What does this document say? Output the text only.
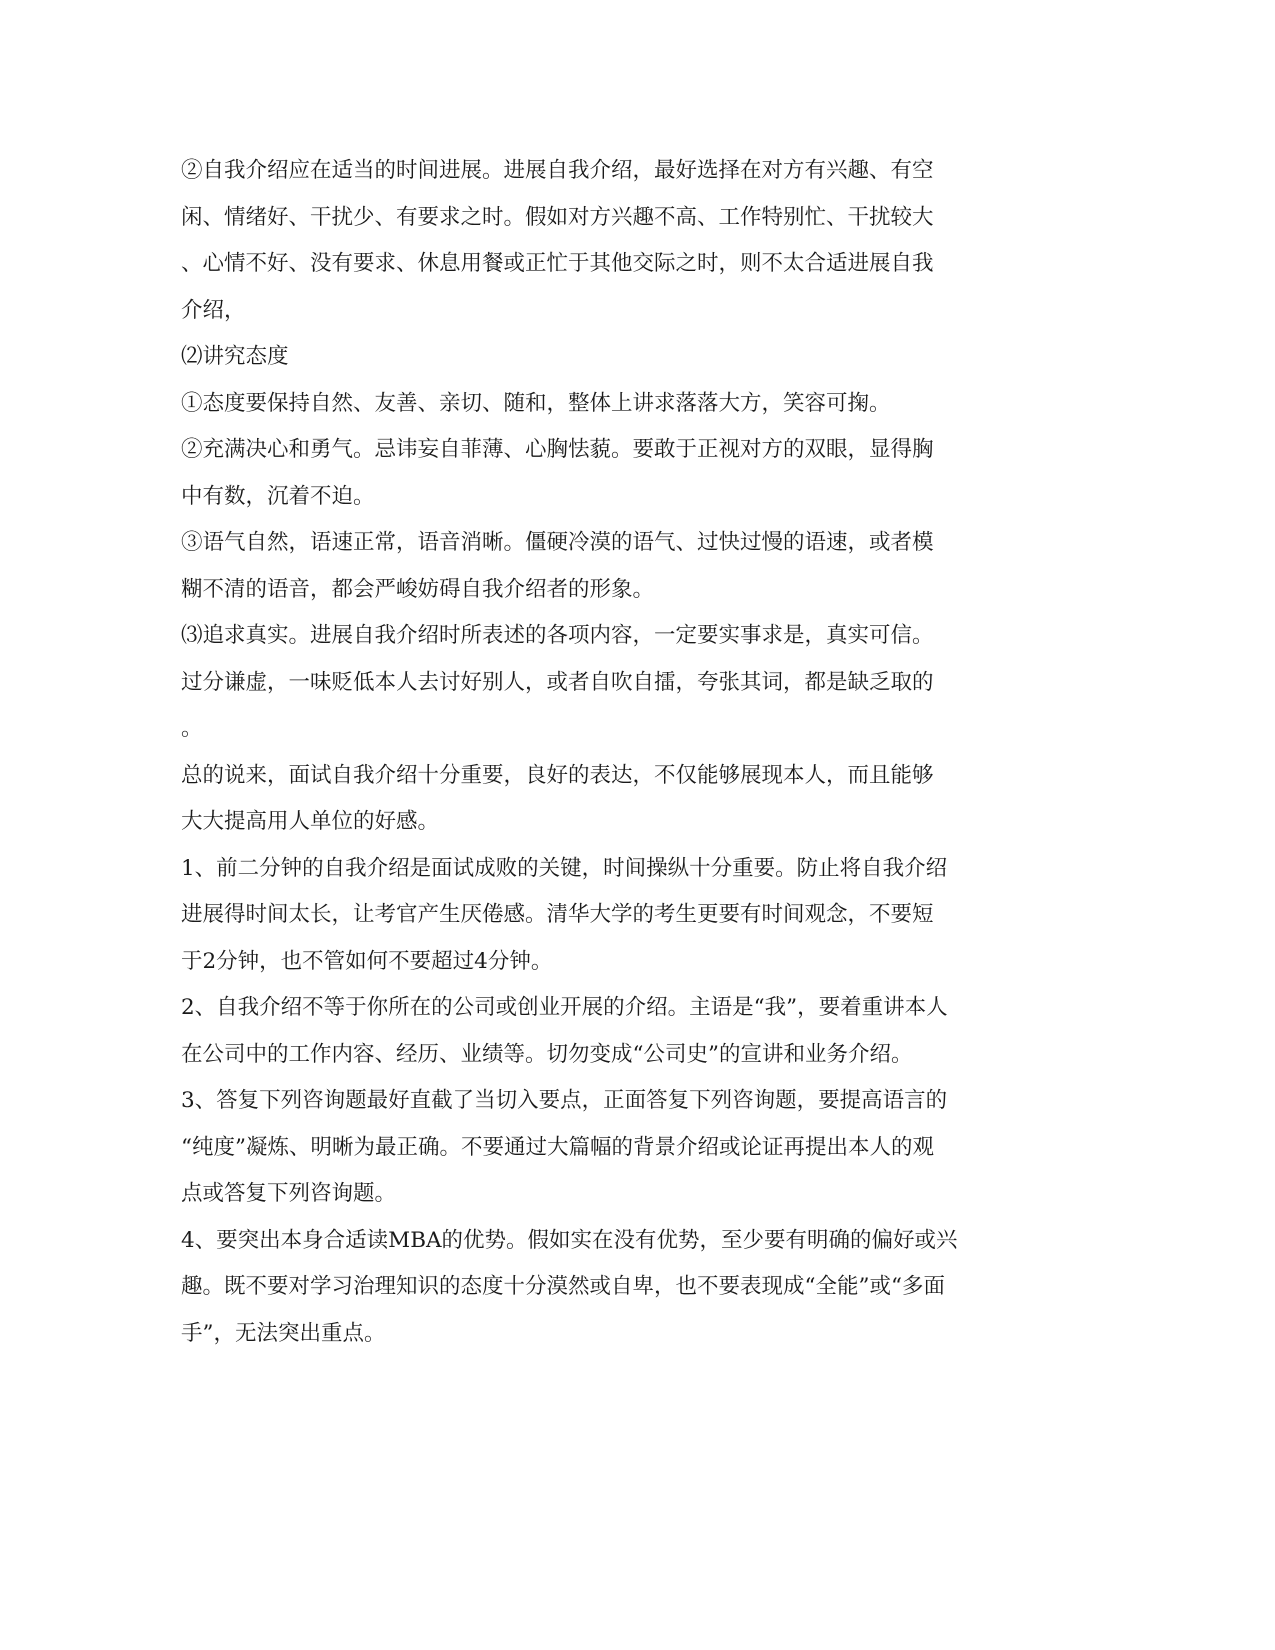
②自我介绍应在适当的时间进展。进展自我介绍，最好选择在对方有兴趣、有空
闲、情绪好、干扰少、有要求之时。假如对方兴趣不高、工作特别忙、干扰较大
、心情不好、没有要求、休息用餐或正忙于其他交际之时，则不太合适进展自我
介绍，
⑵讲究态度
①态度要保持自然、友善、亲切、随和，整体上讲求落落大方，笑容可掬。
②充满决心和勇气。忌讳妄自菲薄、心胸怯藐。要敢于正视对方的双眼，显得胸
中有数，沉着不迫。
③语气自然，语速正常，语音消晰。僵硬冷漠的语气、过快过慢的语速，或者模
糊不清的语音，都会严峻妨碍自我介绍者的形象。
⑶追求真实。进展自我介绍时所表述的各项内容，一定要实事求是，真实可信。
过分谦虚，一味贬低本人去讨好别人，或者自吹自擂，夸张其词，都是缺乏取的
。
总的说来，面试自我介绍十分重要，良好的表达，不仅能够展现本人，而且能够
大大提高用人单位的好感。
1、前二分钟的自我介绍是面试成败的关键，时间操纵十分重要。防止将自我介绍
进展得时间太长，让考官产生厌倦感。清华大学的考生更要有时间观念，不要短
于2分钟，也不管如何不要超过4分钟。
2、自我介绍不等于你所在的公司或创业开展的介绍。主语是“我”，要着重讲本人
在公司中的工作内容、经历、业绩等。切勿变成“公司史”的宣讲和业务介绍。
3、答复下列咨询题最好直截了当切入要点，正面答复下列咨询题，要提高语言的
“纯度”凝炼、明晰为最正确。不要通过大篇幅的背景介绍或论证再提出本人的观
点或答复下列咨询题。
4、要突出本身合适读MBA的优势。假如实在没有优势，至少要有明确的偏好或兴
趣。既不要对学习治理知识的态度十分漠然或自卑，也不要表现成“全能”或“多面
手”，无法突出重点。
